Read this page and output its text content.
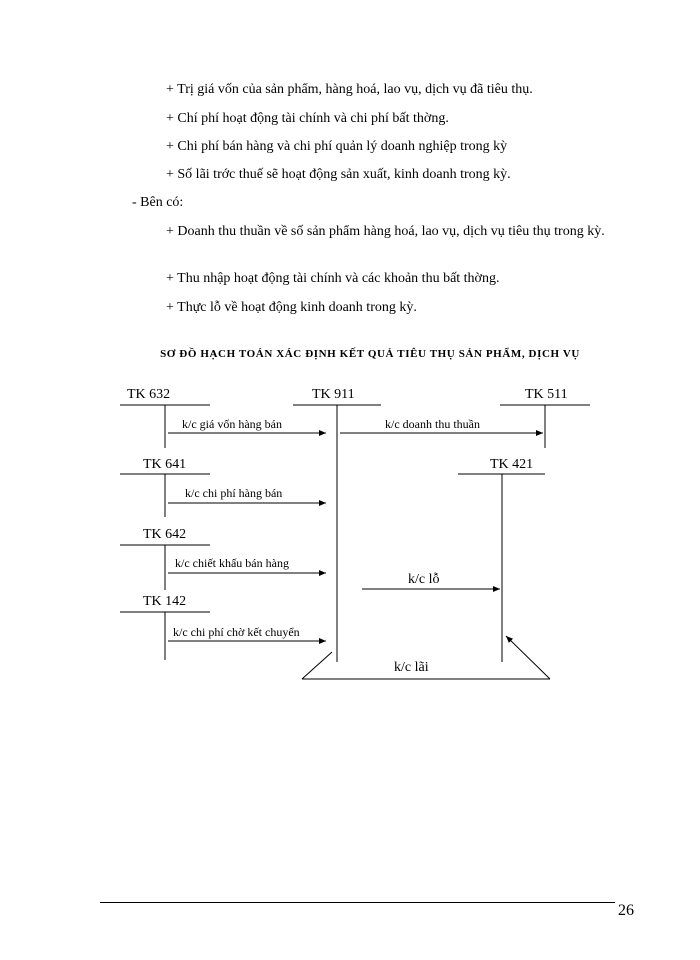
+ Trị giá vốn của sản phẩm, hàng hoá, lao vụ, dịch vụ đã tiêu thụ.
+ Chí phí hoạt động tài chính và chi phí bất thờng.
+ Chi phí bán hàng và chi phí quản lý doanh nghiệp trong kỳ
+ Số lãi trớc thuế sẽ hoạt động sản xuất, kinh doanh trong kỳ.
- Bên có:
+ Doanh thu thuần về số sản phẩm hàng hoá, lao vụ, dịch vụ tiêu thụ trong kỳ.
+ Thu nhập hoạt động tài chính và các khoản thu bất thờng.
+ Thực lỗ về hoạt động kinh doanh trong kỳ.
SƠ ĐỒ HẠCH TOÁN XÁC ĐỊNH KẾT QUẢ TIÊU THỤ SẢN PHẨM, DỊCH VỤ
TK 632	TK 911	TK 511
TK 641	TK 421
TK 642
TK 142
k/c giá vốn hàng bán	k/c doanh thu thuần
k/c chi phí hàng bán
k/c chiết khấu bán hàng
k/c chi phí chờ kết chuyển
k/c lỗ
k/c lãi
26
